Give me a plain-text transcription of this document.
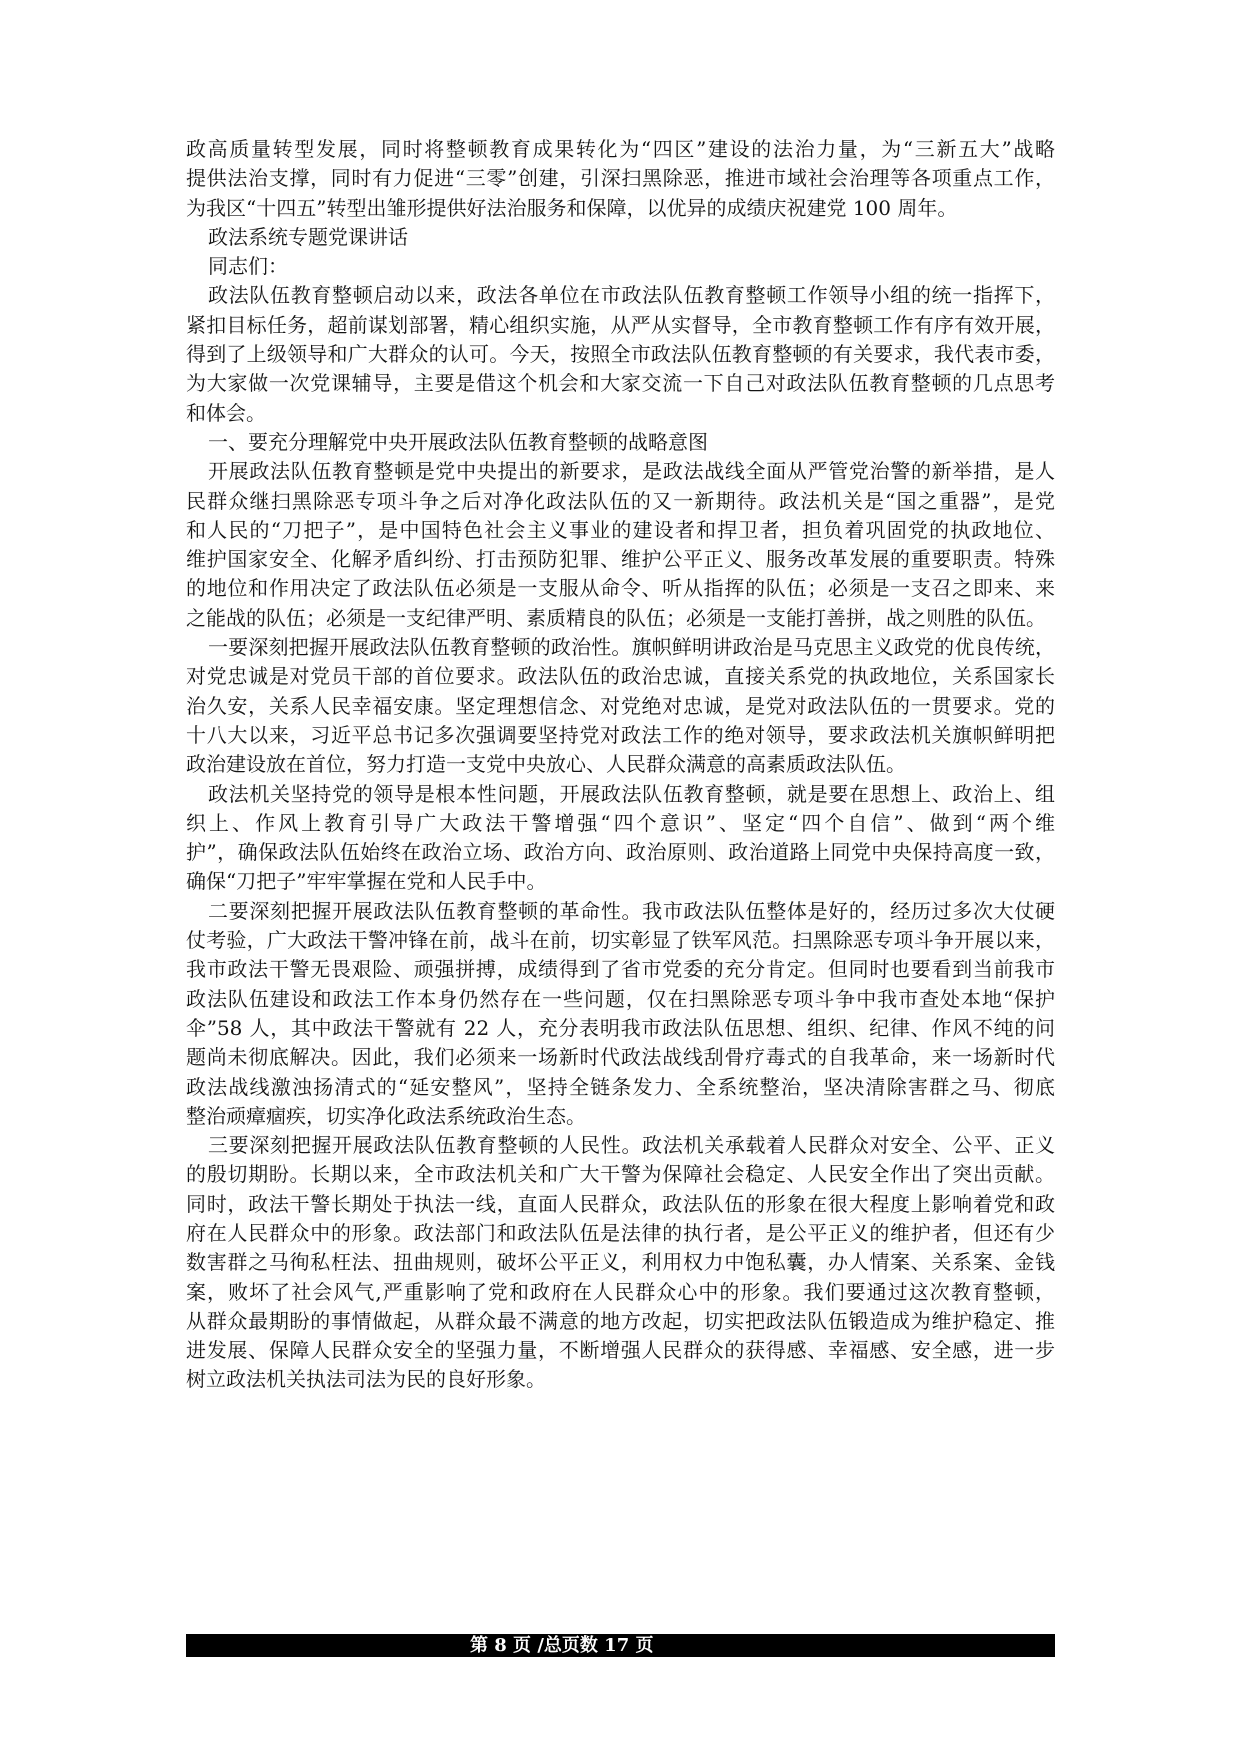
政高质量转型发展，同时将整顿教育成果转化为“四区”建设的法治力量，为“三新五大”战略
提供法治支撑，同时有力促进“三零”创建，引深扫黑除恶，推进市域社会治理等各项重点工作，
为我区“十四五”转型出雏形提供好法治服务和保障，以优异的成绩庆祝建党 100 周年。
政法系统专题党课讲话
同志们：
政法队伍教育整顿启动以来，政法各单位在市政法队伍教育整顿工作领导小组的统一指挥下，
紧扣目标任务，超前谋划部署，精心组织实施，从严从实督导，全市教育整顿工作有序有效开展，
得到了上级领导和广大群众的认可。今天，按照全市政法队伍教育整顿的有关要求，我代表市委，
为大家做一次党课辅导，主要是借这个机会和大家交流一下自己对政法队伍教育整顿的几点思考
和体会。
一、要充分理解党中央开展政法队伍教育整顿的战略意图
开展政法队伍教育整顿是党中央提出的新要求，是政法战线全面从严管党治警的新举措，是人
民群众继扫黑除恶专项斗争之后对净化政法队伍的又一新期待。政法机关是“国之重器”，是党
和人民的“刀把子”，是中国特色社会主义事业的建设者和捍卫者，担负着巩固党的执政地位、
维护国家安全、化解矛盾纠纷、打击预防犯罪、维护公平正义、服务改革发展的重要职责。特殊
的地位和作用决定了政法队伍必须是一支服从命令、听从指挥的队伍；必须是一支召之即来、来
之能战的队伍；必须是一支纪律严明、素质精良的队伍；必须是一支能打善拼，战之则胜的队伍。
一要深刻把握开展政法队伍教育整顿的政治性。旗帜鲜明讲政治是马克思主义政党的优良传统，
对党忠诚是对党员干部的首位要求。政法队伍的政治忠诚，直接关系党的执政地位，关系国家长
治久安，关系人民幸福安康。坚定理想信念、对党绝对忠诚，是党对政法队伍的一贯要求。党的
十八大以来，习近平总书记多次强调要坚持党对政法工作的绝对领导，要求政法机关旗帜鲜明把
政治建设放在首位，努力打造一支党中央放心、人民群众满意的高素质政法队伍。
政法机关坚持党的领导是根本性问题，开展政法队伍教育整顿，就是要在思想上、政治上、组
织上、作风上教育引导广大政法干警增强“四个意识”、坚定“四个自信”、做到“两个维
护”，确保政法队伍始终在政治立场、政治方向、政治原则、政治道路上同党中央保持高度一致，
确保“刀把子”牢牢掌握在党和人民手中。
二要深刻把握开展政法队伍教育整顿的革命性。我市政法队伍整体是好的，经历过多次大仗硬
仗考验，广大政法干警冲锋在前，战斗在前，切实彰显了铁军风范。扫黑除恶专项斗争开展以来，
我市政法干警无畏艰险、顽强拼搏，成绩得到了省市党委的充分肯定。但同时也要看到当前我市
政法队伍建设和政法工作本身仍然存在一些问题，仅在扫黑除恶专项斗争中我市查处本地“保护
伞”58 人，其中政法干警就有 22 人，充分表明我市政法队伍思想、组织、纪律、作风不纯的问
题尚未彻底解决。因此，我们必须来一场新时代政法战线刮骨疗毒式的自我革命，来一场新时代
政法战线激浊扬清式的“延安整风”，坚持全链条发力、全系统整治，坚决清除害群之马、彻底
整治顽瘴痼疾，切实净化政法系统政治生态。
三要深刻把握开展政法队伍教育整顿的人民性。政法机关承载着人民群众对安全、公平、正义
的殷切期盼。长期以来，全市政法机关和广大干警为保障社会稳定、人民安全作出了突出贡献。
同时，政法干警长期处于执法一线，直面人民群众，政法队伍的形象在很大程度上影响着党和政
府在人民群众中的形象。政法部门和政法队伍是法律的执行者，是公平正义的维护者，但还有少
数害群之马徇私枉法、扭曲规则，破坏公平正义，利用权力中饱私囊，办人情案、关系案、金钱
案，败坏了社会风气,严重影响了党和政府在人民群众心中的形象。我们要通过这次教育整顿，
从群众最期盼的事情做起，从群众最不满意的地方改起，切实把政法队伍锻造成为维护稳定、推
进发展、保障人民群众安全的坚强力量，不断增强人民群众的获得感、幸福感、安全感，进一步
树立政法机关执法司法为民的良好形象。
第 8 页 /总页数 17 页
